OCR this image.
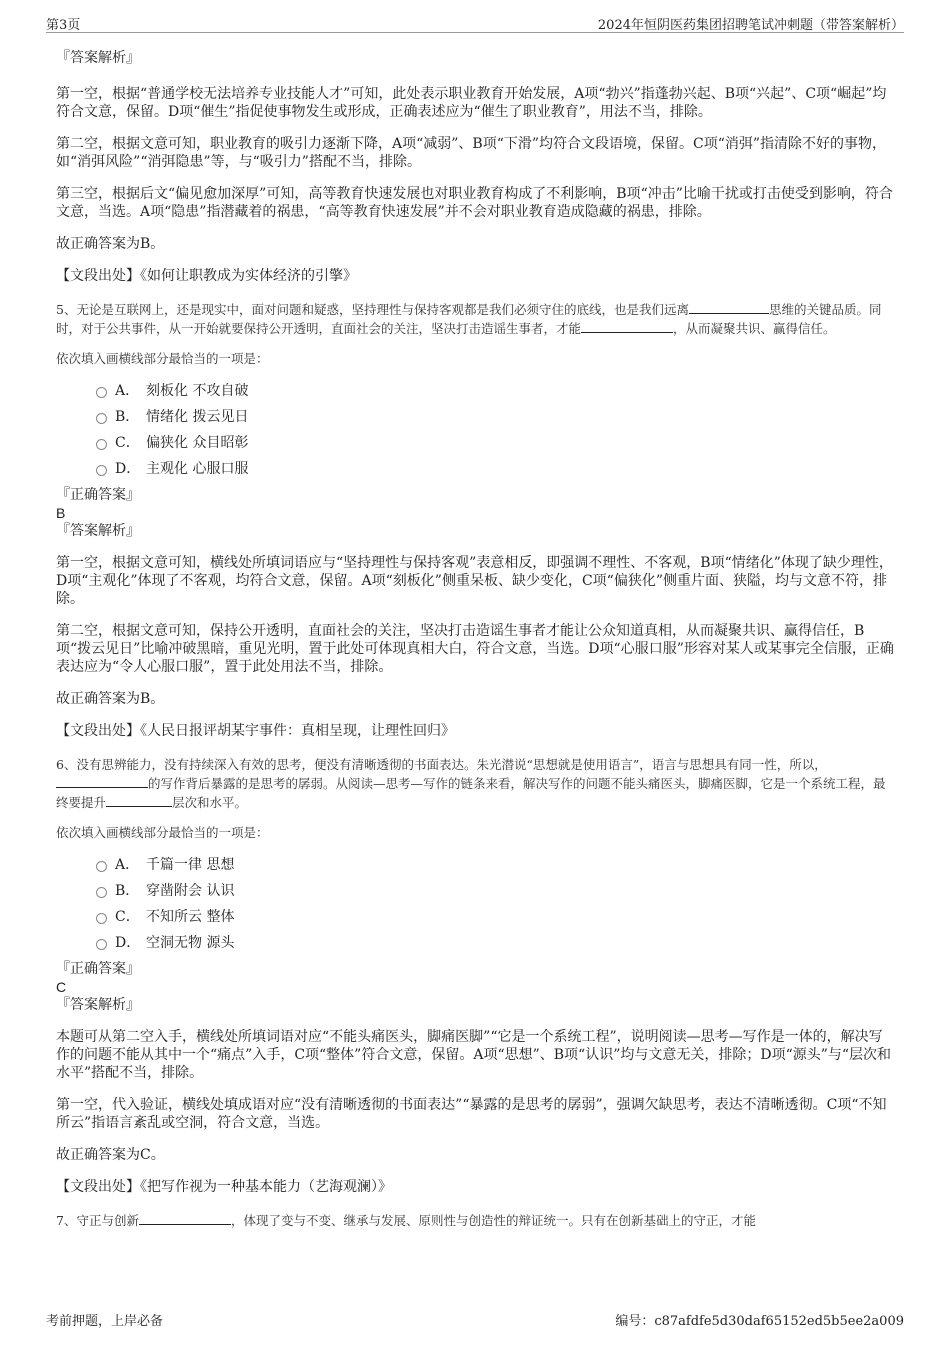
第3页	2024年恒阴医药集团招聘笔试冲刺题（带答案解析）

『答案解析』

第一空，根据“普通学校无法培养专业技能人才”可知，此处表示职业教育开始发展，A项“勃兴”指蓬勃兴起、B项“兴起”、C项“崛起”均符合文意，保留。D项“催生”指促使事物发生或形成，正确表述应为“催生了职业教育”，用法不当，排除。

第二空，根据文意可知，职业教育的吸引力逐渐下降，A项“减弱”、B项“下滑”均符合文段语境，保留。C项“消弭”指清除不好的事物，如“消弭风险”“消弭隐患”等，与“吸引力”搭配不当，排除。

第三空，根据后文“偏见愈加深厚”可知，高等教育快速发展也对职业教育构成了不利影响，B项“冲击”比喻干扰或打击使受到影响，符合文意，当选。A项“隐患”指潜藏着的祸患，“高等教育快速发展”并不会对职业教育造成隐藏的祸患，排除。

故正确答案为B。

【文段出处】《如何让职教成为实体经济的引擎》

5、无论是互联网上，还是现实中，面对问题和疑惑，坚持理性与保持客观都是我们必须守住的底线，也是我们远离	思维的关键品质。同时，对于公共事件，从一开始就要保持公开透明，直面社会的关注，坚决打击造谣生事者，才能	，从而凝聚共识、赢得信任。

依次填入画横线部分最恰当的一项是：

A． 刻板化 不攻自破
B． 情绪化 拨云见日
C． 偏狭化 众目昭彰
D． 主观化 心服口服

『正确答案』

B

『答案解析』

第一空，根据文意可知，横线处所填词语应与“坚持理性与保持客观”表意相反，即强调不理性、不客观，B项“情绪化”体现了缺少理性，D项“主观化”体现了不客观，均符合文意，保留。A项“刻板化”侧重呆板、缺少变化，C项“偏狭化”侧重片面、狭隘，均与文意不符，排除。

第二空，根据文意可知，保持公开透明，直面社会的关注，坚决打击造谣生事者才能让公众知道真相，从而凝聚共识、赢得信任，B项“拨云见日”比喻冲破黑暗，重见光明，置于此处可体现真相大白，符合文意，当选。D项“心服口服”形容对某人或某事完全信服，正确表达应为“令人心服口服”，置于此处用法不当，排除。

故正确答案为B。

【文段出处】《人民日报评胡某宇事件：真相呈现，让理性回归》

6、没有思辨能力，没有持续深入有效的思考，便没有清晰透彻的书面表达。朱光潜说“思想就是使用语言”，语言与思想具有同一性，所以，的写作背后暴露的是思考的孱弱。从阅读—思考—写作的链条来看，解决写作的问题不能头痛医头，脚痛医脚，它是一个系统工程，最终要提升	层次和水平。

依次填入画横线部分最恰当的一项是：

A． 千篇一律 思想
B． 穿凿附会 认识
C． 不知所云 整体
D． 空洞无物 源头

『正确答案』

C

『答案解析』

本题可从第二空入手，横线处所填词语对应“不能头痛医头，脚痛医脚”“它是一个系统工程”，说明阅读—思考—写作是一体的，解决写作的问题不能从其中一个“痛点”入手，C项“整体”符合文意，保留。A项“思想”、B项“认识”均与文意无关，排除；D项“源头”与“层次和水平”搭配不当，排除。

第一空，代入验证，横线处填成语对应“没有清晰透彻的书面表达”“暴露的是思考的孱弱”，强调欠缺思考，表达不清晰透彻。C项“不知所云”指语言紊乱或空洞，符合文意，当选。

故正确答案为C。

【文段出处】《把写作视为一种基本能力（艺海观澜）》

7、守正与创新	，体现了变与不变、继承与发展、原则性与创造性的辩证统一。只有在创新基础上的守正，才能

考前押题，上岸必备	编号：c87afdfe5d30daf65152ed5b5ee2a009
